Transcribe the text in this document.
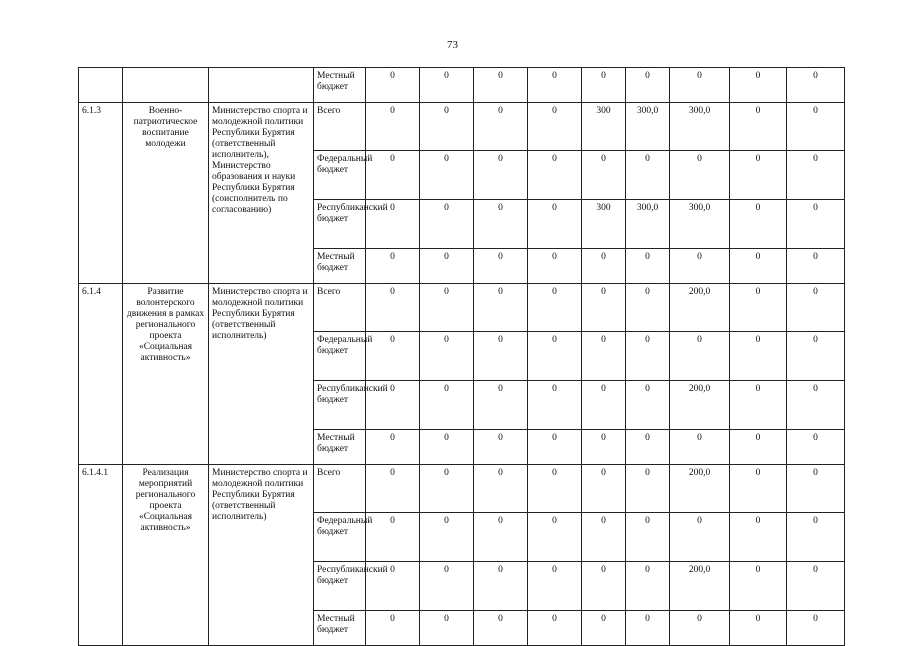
73
			Местный бюджет	0	0	0	0	0	0	0	0	0
6.1.3	Военно-патриотическое воспитание молодежи	Министерство спорта и молодежной политики Республики Бурятия (ответственный исполнитель), Министерство образования и науки Республики Бурятия (соисполнитель по согласованию)	Всего	0	0	0	0	300	300,0	300,0	0	0
			Федеральный бюджет	0	0	0	0	0	0	0	0	0
			Республиканский бюджет	0	0	0	0	300	300,0	300,0	0	0
			Местный бюджет	0	0	0	0	0	0	0	0	0
6.1.4	Развитие волонтерского движения в рамках регионального проекта «Социальная активность»	Министерство спорта и молодежной политики Республики Бурятия (ответственный исполнитель)	Всего	0	0	0	0	0	0	200,0	0	0
			Федеральный бюджет	0	0	0	0	0	0	0	0	0
			Республиканский бюджет	0	0	0	0	0	0	200,0	0	0
			Местный бюджет	0	0	0	0	0	0	0	0	0
6.1.4.1	Реализация мероприятий регионального проекта «Социальная активность»	Министерство спорта и молодежной политики Республики Бурятия (ответственный исполнитель)	Всего	0	0	0	0	0	0	200,0	0	0
			Федеральный бюджет	0	0	0	0	0	0	0	0	0
			Республиканский бюджет	0	0	0	0	0	0	200,0	0	0
			Местный бюджет	0	0	0	0	0	0	0	0	0
